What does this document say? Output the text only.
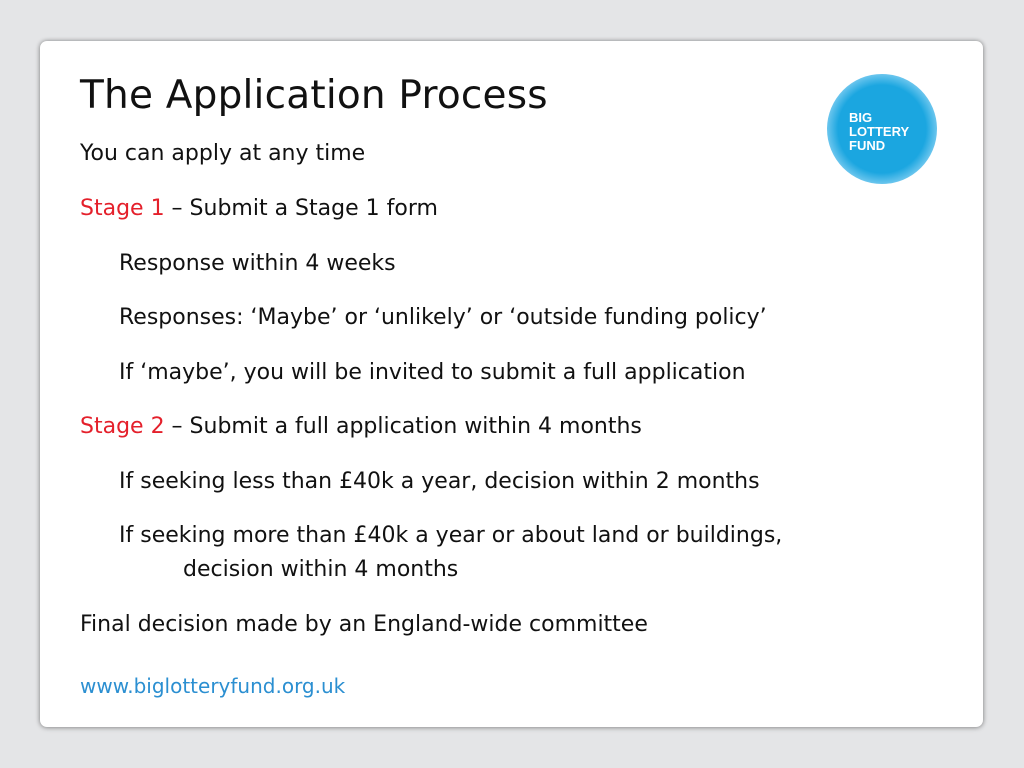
The Application Process	BIG
LOTTERY
FUND

You can apply at any time

Stage 1 – Submit a Stage 1 form

Response within 4 weeks

Responses: ‘Maybe’ or ‘unlikely’ or ‘outside funding policy’

If ‘maybe’, you will be invited to submit a full application

Stage 2 – Submit a full application within 4 months

If seeking less than £40k a year, decision within 2 months

If seeking more than £40k a year or about land or buildings,

decision within 4 months

Final decision made by an England-wide committee

www.biglotteryfund.org.uk
